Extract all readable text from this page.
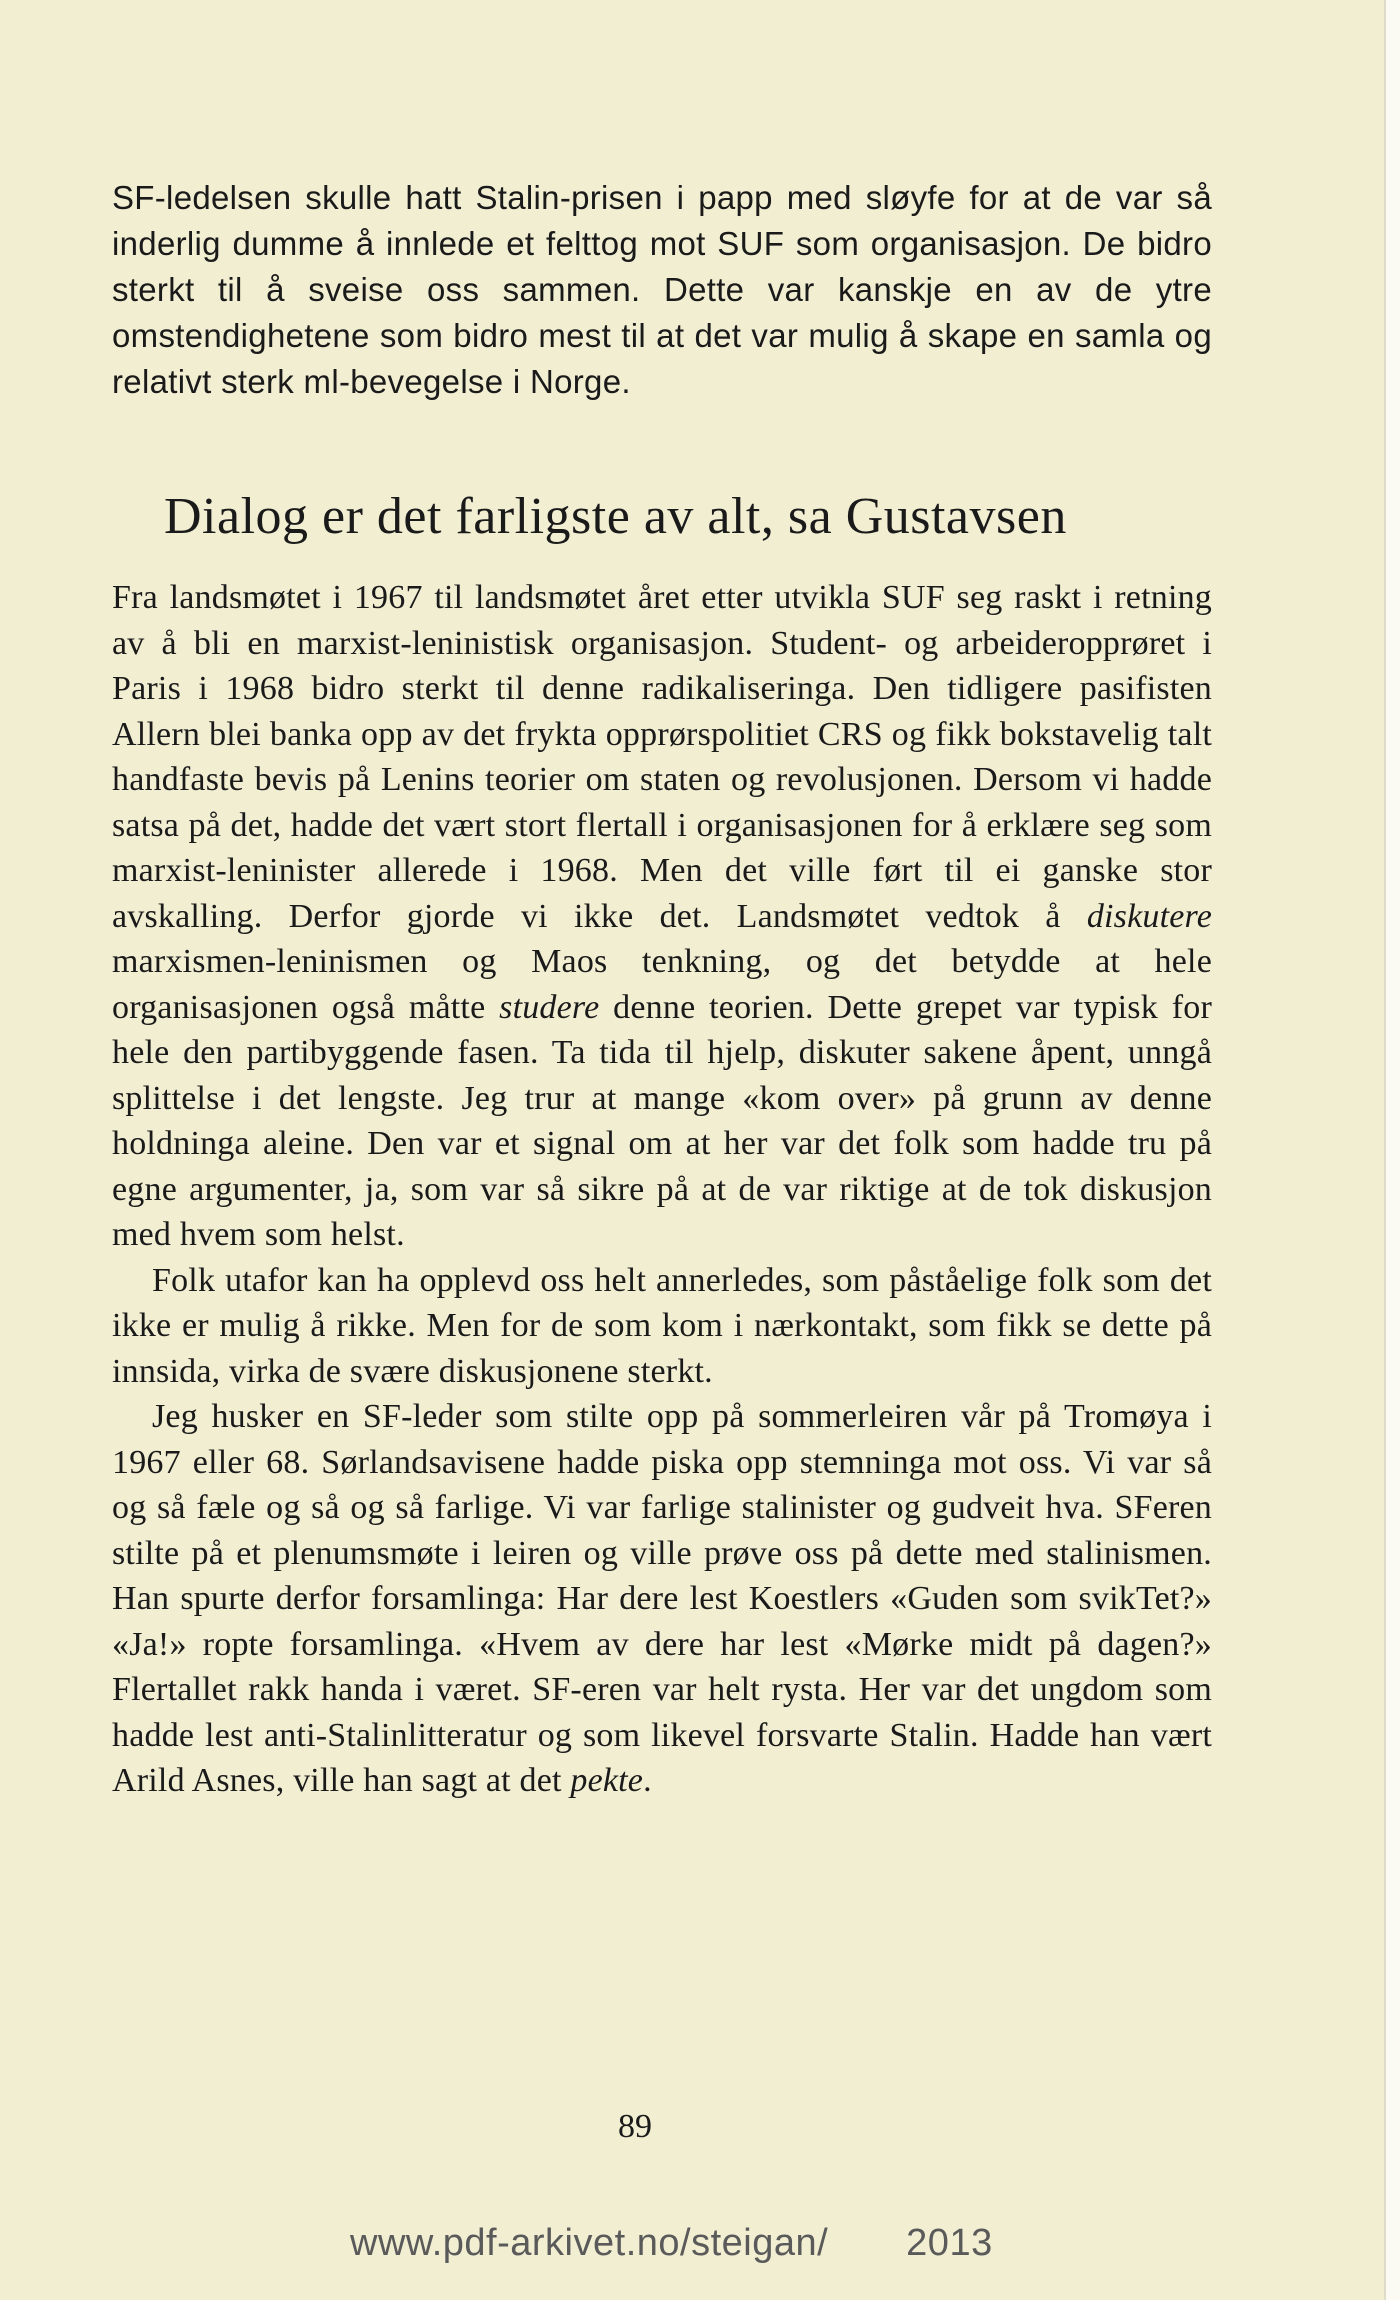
SF-ledelsen skulle hatt Stalin-prisen i papp med sløyfe for at de var så inderlig dumme å innlede et felttog mot SUF som organisasjon. De bidro sterkt til å sveise oss sammen. Dette var kanskje en av de ytre omstendighetene som bidro mest til at det var mulig å skape en samla og relativt sterk ml-bevegelse i Norge.

Dialog er det farligste av alt, sa Gustavsen

Fra landsmøtet i 1967 til landsmøtet året etter utvikla SUF seg raskt i retning av å bli en marxist-leninistisk organisasjon. Student- og arbeideropprøret i Paris i 1968 bidro sterkt til denne radikaliseringa. Den tidligere pasifisten Allern blei banka opp av det frykta opprørspolitiet CRS og fikk bokstavelig talt handfaste bevis på Lenins teorier om staten og revolusjonen. Dersom vi hadde satsa på det, hadde det vært stort flertall i organisasjonen for å erklære seg som marxist-leninister allerede i 1968. Men det ville ført til ei ganske stor avskalling. Derfor gjorde vi ikke det. Landsmøtet vedtok å diskutere marxismen-leninismen og Maos tenkning, og det betydde at hele organisasjonen også måtte studere denne teorien. Dette grepet var typisk for hele den partibyggende fasen. Ta tida til hjelp, diskuter sakene åpent, unngå splittelse i det lengste. Jeg trur at mange «kom over» på grunn av denne holdninga aleine. Den var et signal om at her var det folk som hadde tru på egne argumenter, ja, som var så sikre på at de var riktige at de tok diskusjon med hvem som helst.

Folk utafor kan ha opplevd oss helt annerledes, som påståelige folk som det ikke er mulig å rikke. Men for de som kom i nærkontakt, som fikk se dette på innsida, virka de svære diskusjonene sterkt.

Jeg husker en SF-leder som stilte opp på sommerleiren vår på Tromøya i 1967 eller 68. Sørlandsavisene hadde piska opp stemninga mot oss. Vi var så og så fæle og så og så farlige. Vi var farlige stalinister og gudveit hva. SFeren stilte på et plenumsmøte i leiren og ville prøve oss på dette med stalinismen. Han spurte derfor forsamlinga: Har dere lest Koestlers «Guden som svikTet?» «Ja!» ropte forsamlinga. «Hvem av dere har lest «Mørke midt på dagen?» Flertallet rakk handa i været. SF-eren var helt rysta. Her var det ungdom som hadde lest anti-Stalinlitteratur og som likevel forsvarte Stalin. Hadde han vært Arild Asnes, ville han sagt at det pekte.

89
www.pdf-arkivet.no/steigan/ 2013
